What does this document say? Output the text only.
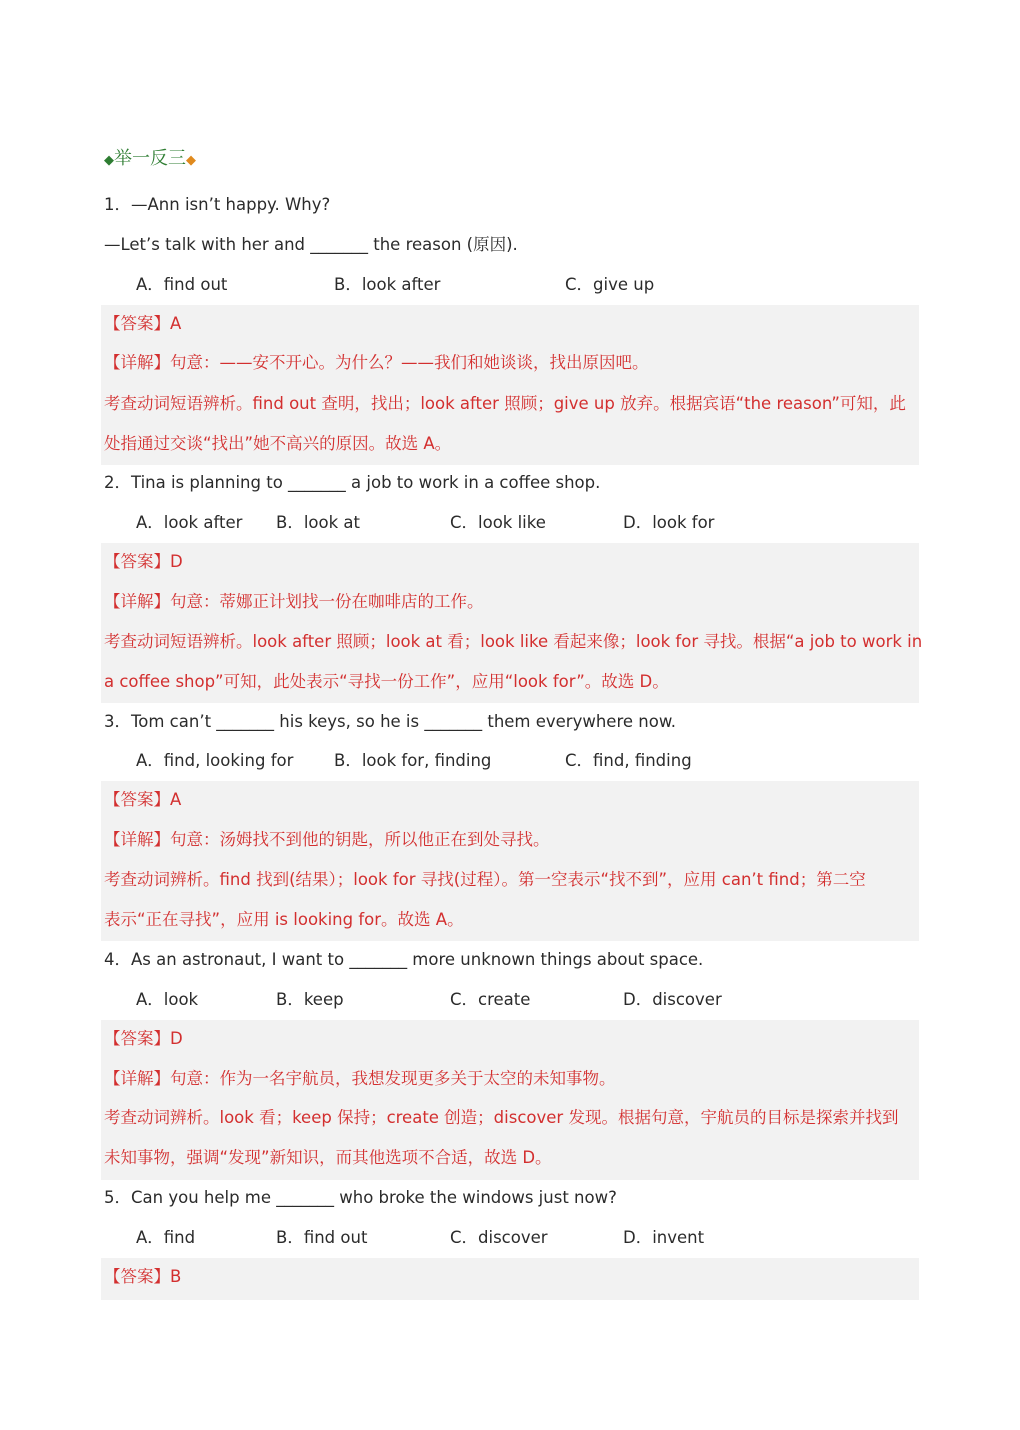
◆举一反三◆
1．—Ann isn’t happy. Why?
—Let’s talk with her and _______ the reason (原因).
A．find out	B．look after	C．give up
【答案】A
【详解】句意：——安不开心。为什么？——我们和她谈谈，找出原因吧。
考查动词短语辨析。find out 查明，找出；look after 照顾；give up 放弃。根据宾语“the reason”可知，此
处指通过交谈“找出”她不高兴的原因。故选 A。
2．Tina is planning to _______ a job to work in a coffee shop.
A．look after B．look at	C．look like	D．look for
【答案】D
【详解】句意：蒂娜正计划找一份在咖啡店的工作。
考查动词短语辨析。look after 照顾；look at 看；look like 看起来像；look for 寻找。根据“a job to work in
a coffee shop”可知，此处表示“寻找一份工作”，应用“look for”。故选 D。
3．Tom can’t _______ his keys, so he is _______ them everywhere now.
A．find, looking for B．look for, finding	C．find, finding
【答案】A
【详解】句意：汤姆找不到他的钥匙，所以他正在到处寻找。
考查动词辨析。find 找到(结果）；look for 寻找(过程）。第一空表示“找不到”，应用 can’t find；第二空
表示“正在寻找”，应用 is looking for。故选 A。
4．As an astronaut, I want to _______ more unknown things about space.
A．look	B．keep	C．create	D．discover
【答案】D
【详解】句意：作为一名宇航员，我想发现更多关于太空的未知事物。
考查动词辨析。look 看；keep 保持；create 创造；discover 发现。根据句意，宇航员的目标是探索并找到
未知事物，强调“发现”新知识，而其他选项不合适，故选 D。
5．Can you help me _______ who broke the windows just now?
A．find	B．find out	C．discover	D．invent
【答案】B
